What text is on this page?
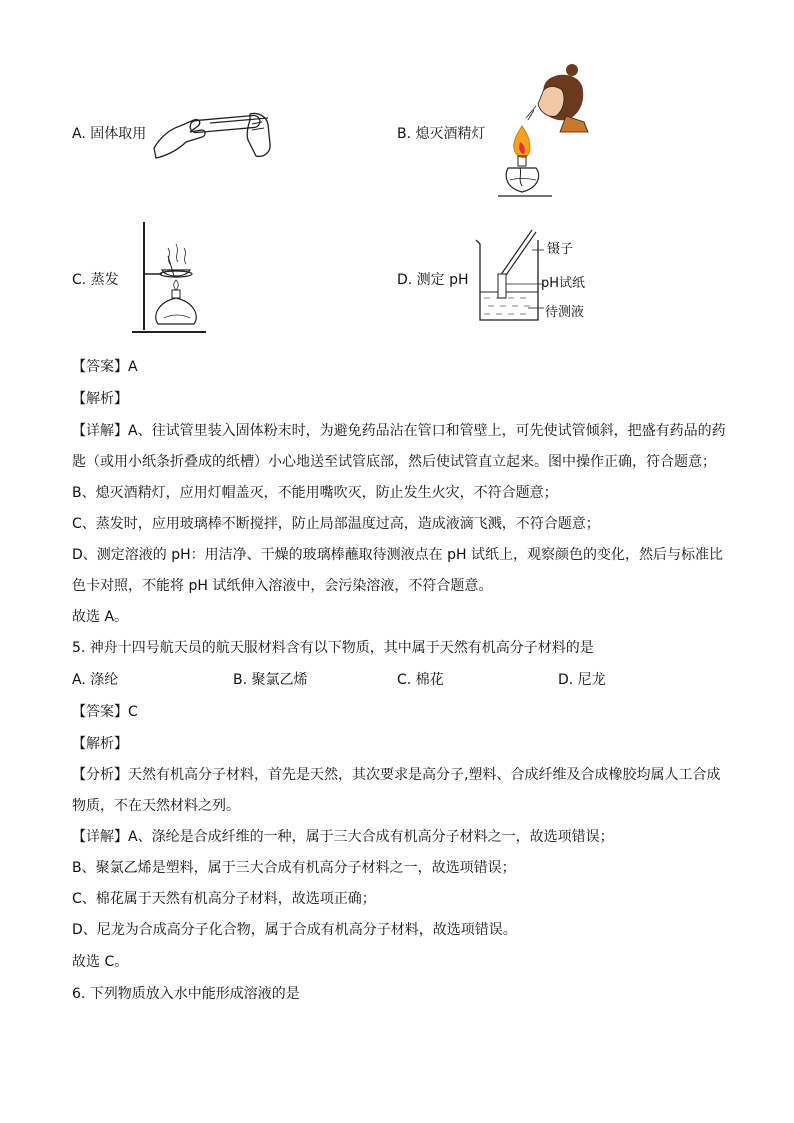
A. 固体取用	B. 熄灭酒精灯
C. 蒸发	D. 测定 pH
镊子
pH试纸
待测液
【答案】A
【解析】
【详解】A、往试管里装入固体粉末时，为避免药品沾在管口和管壁上，可先使试管倾斜，把盛有药品的药
匙（或用小纸条折叠成的纸槽）小心地送至试管底部，然后使试管直立起来。图中操作正确，符合题意；
B、熄灭酒精灯，应用灯帽盖灭，不能用嘴吹灭，防止发生火灾，不符合题意；
C、蒸发时，应用玻璃棒不断搅拌，防止局部温度过高，造成液滴飞溅，不符合题意；
D、测定溶液的 pH：用洁净、干燥的玻璃棒蘸取待测液点在 pH 试纸上，观察颜色的变化，然后与标准比
色卡对照，不能将 pH 试纸伸入溶液中，会污染溶液，不符合题意。
故选 A。
5. 神舟十四号航天员的航天服材料含有以下物质，其中属于天然有机高分子材料的是
A. 涤纶	B. 聚氯乙烯	C. 棉花	D. 尼龙
【答案】C
【解析】
【分析】天然有机高分子材料，首先是天然，其次要求是高分子,塑料、合成纤维及合成橡胶均属人工合成
物质，不在天然材料之列。
【详解】A、涤纶是合成纤维的一种，属于三大合成有机高分子材料之一，故选项错误；
B、聚氯乙烯是塑料，属于三大合成有机高分子材料之一，故选项错误；
C、棉花属于天然有机高分子材料，故选项正确；
D、尼龙为合成高分子化合物，属于合成有机高分子材料，故选项错误。
故选 C。
6. 下列物质放入水中能形成溶液的是
